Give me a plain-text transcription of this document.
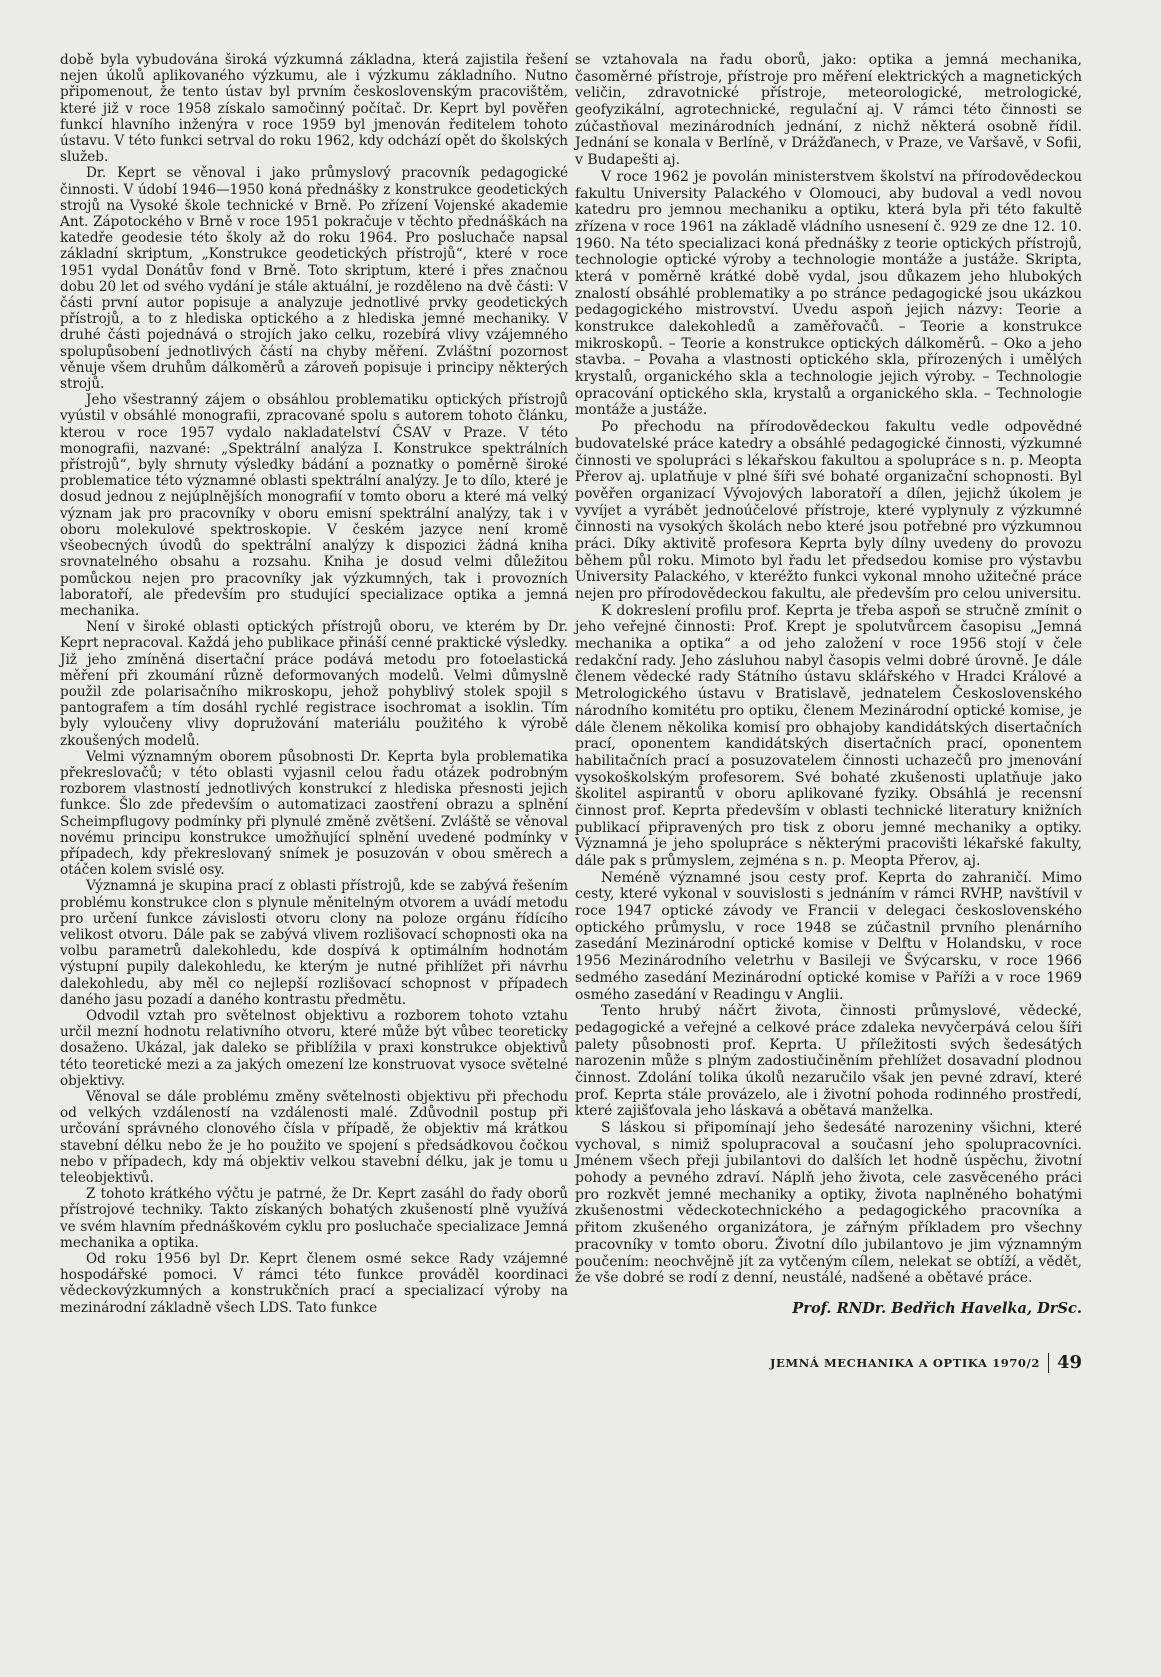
době byla vybudována široká výzkumná základna, která zajistila řešení nejen úkolů aplikovaného výzkumu, ale i výzkumu základního. Nutno připomenout, že tento ústav byl prvním československým pracovištěm, které již v roce 1958 získalo samočinný počítač. Dr. Keprt byl pověřen funkcí hlavního inženýra v roce 1959 byl jmenován ředitelem tohoto ústavu. V této funkci setrval do roku 1962, kdy odchází opět do školských služeb.

Dr. Keprt se věnoval i jako průmyslový pracovník pedagogické činnosti. V údobí 1946—1950 koná přednášky z konstrukce geodetických strojů na Vysoké škole technické v Brně. Po zřízení Vojenské akademie Ant. Zápotockého v Brně v roce 1951 pokračuje v těchto přednáškách na katedře geodesie této školy až do roku 1964. Pro posluchače napsal základní skriptum, „Konstrukce geodetických přístrojů“, které v roce 1951 vydal Donátův fond v Brně. Toto skriptum, které i přes značnou dobu 20 let od svého vydání je stále aktuální, je rozděleno na dvě části: V části první autor popisuje a analyzuje jednotlivé prvky geodetických přístrojů, a to z hlediska optického a z hlediska jemné mechaniky. V druhé části pojednává o strojích jako celku, rozebírá vlivy vzájemného spolupůsobení jednotlivých částí na chyby měření. Zvláštní pozornost věnuje všem druhům dálkoměrů a zároveň popisuje i principy některých strojů.

Jeho všestranný zájem o obsáhlou problematiku optických přístrojů vyústil v obsáhlé monografii, zpracované spolu s autorem tohoto článku, kterou v roce 1957 vydalo nakladatelství ČSAV v Praze. V této monografii, nazvané: „Spektrální analýza I. Konstrukce spektrálních přístrojů“, byly shrnuty výsledky bádání a poznatky o poměrně široké problematice této významné oblasti spektrální analýzy. Je to dílo, které je dosud jednou z nejúplnějších monografií v tomto oboru a které má velký význam jak pro pracovníky v oboru emisní spektrální analýzy, tak i v oboru molekulové spektroskopie. V českém jazyce není kromě všeobecných úvodů do spektrální analýzy k dispozici žádná kniha srovnatelného obsahu a rozsahu. Kniha je dosud velmi důležitou pomůckou nejen pro pracovníky jak výzkumných, tak i provozních laboratoří, ale především pro studující specializace optika a jemná mechanika.

Není v široké oblasti optických přístrojů oboru, ve kterém by Dr. Keprt nepracoval. Každá jeho publikace přináší cenné praktické výsledky. Již jeho zmíněná disertační práce podává metodu pro fotoelastická měření při zkoumání různě deformovaných modelů. Velmi důmyslně použil zde polarisačního mikroskopu, jehož pohyblivý stolek spojil s pantografem a tím dosáhl rychlé registrace isochromat a isoklin. Tím byly vyloučeny vlivy dopružování materiálu použitého k výrobě zkoušených modelů.

Velmi významným oborem působnosti Dr. Keprta byla problematika překreslovačů; v této oblasti vyjasnil celou řadu otázek podrobným rozborem vlastností jednotlivých konstrukcí z hlediska přesnosti jejich funkce. Šlo zde především o automatizaci zaostření obrazu a splnění Scheimpflugovy podmínky při plynulé změně zvětšení. Zvláště se věnoval novému principu konstrukce umožňující splnění uvedené podmínky v případech, kdy překreslovaný snímek je posuzován v obou směrech a otáčen kolem svislé osy.

Významná je skupina prací z oblasti přístrojů, kde se zabývá řešením problému konstrukce clon s plynule měnitelným otvorem a uvádí metodu pro určení funkce závislosti otvoru clony na poloze orgánu řídícího velikost otvoru. Dále pak se zabývá vlivem rozlišovací schopnosti oka na volbu parametrů dalekohledu, kde dospívá k optimálním hodnotám výstupní pupily dalekohledu, ke kterým je nutné přihlížet při návrhu dalekohledu, aby měl co nejlepší rozlišovací schopnost v případech daného jasu pozadí a daného kontrastu předmětu.

Odvodil vztah pro světelnost objektivu a rozborem tohoto vztahu určil mezní hodnotu relativního otvoru, které může být vůbec teoreticky dosaženo. Ukázal, jak daleko se přiblížila v praxi konstrukce objektivů této teoretické mezi a za jakých omezení lze konstruovat vysoce světelné objektivy.

Věnoval se dále problému změny světelnosti objektivu při přechodu od velkých vzdáleností na vzdálenosti malé. Zdůvodnil postup při určování správného clonového čísla v případě, že objektiv má krátkou stavební délku nebo že je ho použito ve spojení s předsádkovou čočkou nebo v případech, kdy má objektiv velkou stavební délku, jak je tomu u teleobjektivů.

Z tohoto krátkého výčtu je patrné, že Dr. Keprt zasáhl do řady oborů přístrojové techniky. Takto získaných bohatých zkušeností plně využívá ve svém hlavním přednáškovém cyklu pro posluchače specializace Jemná mechanika a optika.

Od roku 1956 byl Dr. Keprt členem osmé sekce Rady vzájemné hospodářské pomoci. V rámci této funkce prováděl koordinaci vědeckovýzkumných a konstrukčních prací a specializací výroby na mezinárodní základně všech LDS. Tato funkce

se vztahovala na řadu oborů, jako: optika a jemná mechanika, časoměrné přístroje, přístroje pro měření elektrických a magnetických veličin, zdravotnické přístroje, meteorologické, metrologické, geofyzikální, agrotechnické, regulační aj. V rámci této činnosti se zúčastňoval mezinárodních jednání, z nichž některá osobně řídil. Jednání se konala v Berlíně, v Drážďanech, v Praze, ve Varšavě, v Sofii, v Budapešti aj.

V roce 1962 je povolán ministerstvem školství na přírodovědeckou fakultu University Palackého v Olomouci, aby budoval a vedl novou katedru pro jemnou mechaniku a optiku, která byla při této fakultě zřízena v roce 1961 na základě vládního usnesení č. 929 ze dne 12. 10. 1960. Na této specializaci koná přednášky z teorie optických přístrojů, technologie optické výroby a technologie montáže a justáže. Skripta, která v poměrně krátké době vydal, jsou důkazem jeho hlubokých znalostí obsáhlé problematiky a po stránce pedagogické jsou ukázkou pedagogického mistrovství. Uvedu aspoň jejich názvy: Teorie a konstrukce dalekohledů a zaměřovačů. – Teorie a konstrukce mikroskopů. – Teorie a konstrukce optických dálkoměrů. – Oko a jeho stavba. – Povaha a vlastnosti optického skla, přírozených i umělých krystalů, organického skla a technologie jejich výroby. – Technologie opracování optického skla, krystalů a organického skla. – Technologie montáže a justáže.

Po přechodu na přírodovědeckou fakultu vedle odpovědné budovatelské práce katedry a obsáhlé pedagogické činnosti, výzkumné činnosti ve spolupráci s lékařskou fakultou a spolupráce s n. p. Meopta Přerov aj. uplatňuje v plné šíři své bohaté organizační schopnosti. Byl pověřen organizací Vývojových laboratoří a dílen, jejichž úkolem je vyvíjet a vyrábět jednoúčelové přístroje, které vyplynuly z výzkumné činnosti na vysokých školách nebo které jsou potřebné pro výzkumnou práci. Díky aktivitě profesora Keprta byly dílny uvedeny do provozu během půl roku. Mimoto byl řadu let předsedou komise pro výstavbu University Palackého, v kteréžto funkci vykonal mnoho užitečné práce nejen pro přírodovědeckou fakultu, ale především pro celou universitu.

K dokreslení profilu prof. Keprta je třeba aspoň se stručně zmínit o jeho veřejné činnosti: Prof. Krept je spolutvůrcem časopisu „Jemná mechanika a optika“ a od jeho založení v roce 1956 stojí v čele redakční rady. Jeho zásluhou nabyl časopis velmi dobré úrovně. Je dále členem vědecké rady Státního ústavu sklářského v Hradci Králové a Metrologického ústavu v Bratislavě, jednatelem Československého národního komitétu pro optiku, členem Mezinárodní optické komise, je dále členem několika komisí pro obhajoby kandidátských disertačních prací, oponentem kandidátských disertačních prací, oponentem habilitačních prací a posuzovatelem činnosti uchazečů pro jmenování vysokoškolským profesorem. Své bohaté zkušenosti uplatňuje jako školitel aspirantů v oboru aplikované fyziky. Obsáhlá je recensní činnost prof. Keprta především v oblasti technické literatury knižních publikací připravených pro tisk z oboru jemné mechaniky a optiky. Významná je jeho spolupráce s některými pracovišti lékařské fakulty, dále pak s průmyslem, zejména s n. p. Meopta Přerov, aj.

Neméně významné jsou cesty prof. Keprta do zahraničí. Mimo cesty, které vykonal v souvislosti s jednáním v rámci RVHP, navštívil v roce 1947 optické závody ve Francii v delegaci československého optického průmyslu, v roce 1948 se zúčastnil prvního plenárního zasedání Mezinárodní optické komise v Delftu v Holandsku, v roce 1956 Mezinárodního veletrhu v Basileji ve Švýcarsku, v roce 1966 sedmého zasedání Mezinárodní optické komise v Paříži a v roce 1969 osmého zasedání v Readingu v Anglii.

Tento hrubý náčrt života, činnosti průmyslové, vědecké, pedagogické a veřejné a celkové práce zdaleka nevyčerpává celou šíři palety působnosti prof. Keprta. U příležitosti svých šedesátých narozenin může s plným zadostiučiněním přehlížet dosavadní plodnou činnost. Zdolání tolika úkolů nezaručilo však jen pevné zdraví, které prof. Keprta stále provázelo, ale i životní pohoda rodinného prostředí, které zajišťovala jeho láskavá a obětavá manželka.

S láskou si připomínají jeho šedesáté narozeniny všichni, které vychoval, s nimiž spolupracoval a současní jeho spolupracovníci. Jménem všech přeji jubilantovi do dalších let hodně úspěchu, životní pohody a pevného zdraví. Náplň jeho života, cele zasvěceného práci pro rozkvět jemné mechaniky a optiky, života naplněného bohatými zkušenostmi vědeckotechnického a pedagogického pracovníka a přitom zkušeného organizátora, je zářným příkladem pro všechny pracovníky v tomto oboru. Životní dílo jubilantovo je jim významným poučením: neochvějně jít za vytčeným cílem, nelekat se obtíží, a vědět, že vše dobré se rodí z denní, neustálé, nadšené a obětavé práce.

Prof. RNDr. Bedřich Havelka, DrSc.

JEMNÁ MECHANIKA A OPTIKA 1970/2 49
